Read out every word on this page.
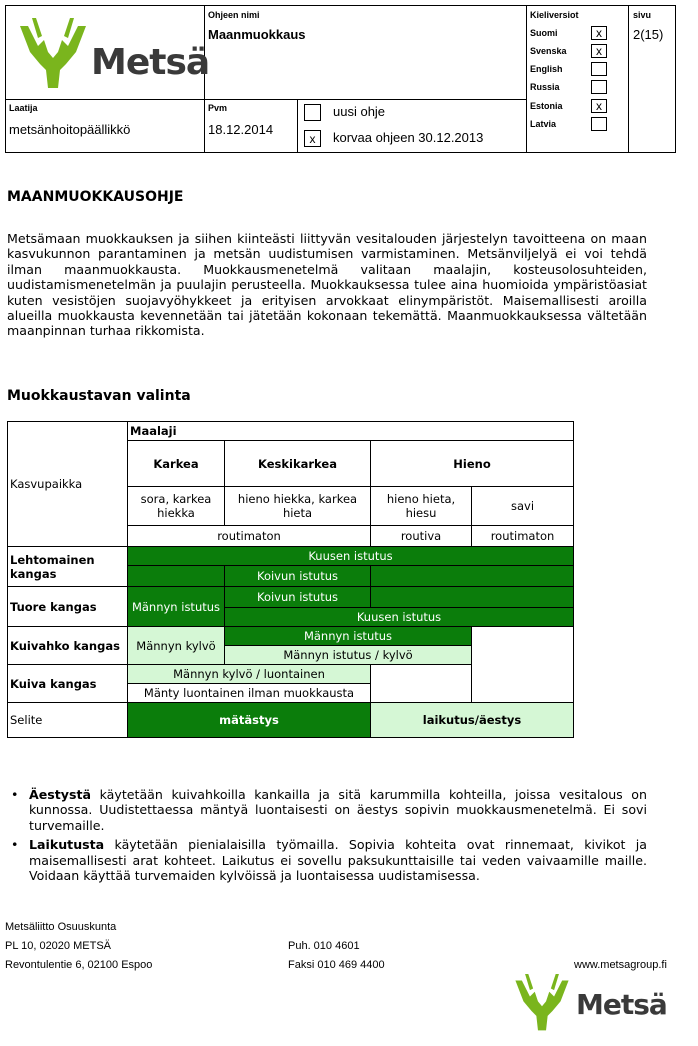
Metsä
Ohjeen nimi
Maanmuokkaus
Kieliversiot
Suomi	x
Svenska	x
English
Russia
Estonia	x
Latvia
sivu
2(15)
Laatija
metsänhoitopäällikkö
Pvm
18.12.2014
uusi ohje
x	korvaa ohjeen 30.12.2013
MAANMUOKKAUSOHJE
Metsämaan muokkauksen ja siihen kiinteästi liittyvän vesitalouden järjestelyn tavoitteena on maan kasvukunnon parantaminen ja metsän uudistumisen varmistaminen. Metsänviljelyä ei voi tehdä ilman maanmuokkausta. Muokkausmenetelmä valitaan maalajin, kosteusolosuhteiden, uudistamismenetelmän ja puulajin perusteella. Muokkauksessa tulee aina huomioida ympäristöasiat kuten vesistöjen suojavyöhykkeet ja erityisen arvokkaat elinympäristöt. Maisemallisesti aroilla alueilla muokkausta kevennetään tai jätetään kokonaan tekemättä. Maanmuokkauksessa vältetään maanpinnan turhaa rikkomista.
Muokkaustavan valinta
Kasvupaikka	Maalaji			
	Karkea	Keskikarkea	Hieno	
	sora, karkea hiekka	hieno hiekka, karkea hieta	hieno hieta, hiesu	savi
	routimaton		routiva	routimaton
Lehtomainen kangas	Kuusen istutus			
		Koivun istutus		
Tuore kangas	Männyn istutus	Koivun istutus		
		Kuusen istutus		
Kuivahko kangas	Männyn kylvö	Männyn istutus		
		Männyn istutus / kylvö		
Kuiva kangas	Männyn kylvö / luontainen			
	Mänty luontainen ilman muokkausta			
Selite	mätästys		laikutus/äestys	
• Äestystä käytetään kuivahkoilla kankailla ja sitä karummilla kohteilla, joissa vesitalous on kunnossa. Uudistettaessa mäntyä luontaisesti on äestys sopivin muokkausmenetelmä. Ei sovi turvemaille.
• Laikutusta käytetään pienialaisilla työmailla. Sopivia kohteita ovat rinnemaat, kivikot ja maisemallisesti arat kohteet. Laikutus ei sovellu paksukunttaisille tai veden vaivaamille maille. Voidaan käyttää turvemaiden kylvöissä ja luontaisessa uudistamisessa.
Metsäliitto Osuuskunta
PL 10, 02020 METSÄ
Revontulentie 6, 02100 Espoo
Puh. 010 4601
Faksi 010 469 4400	www.metsagroup.fi
Metsä
